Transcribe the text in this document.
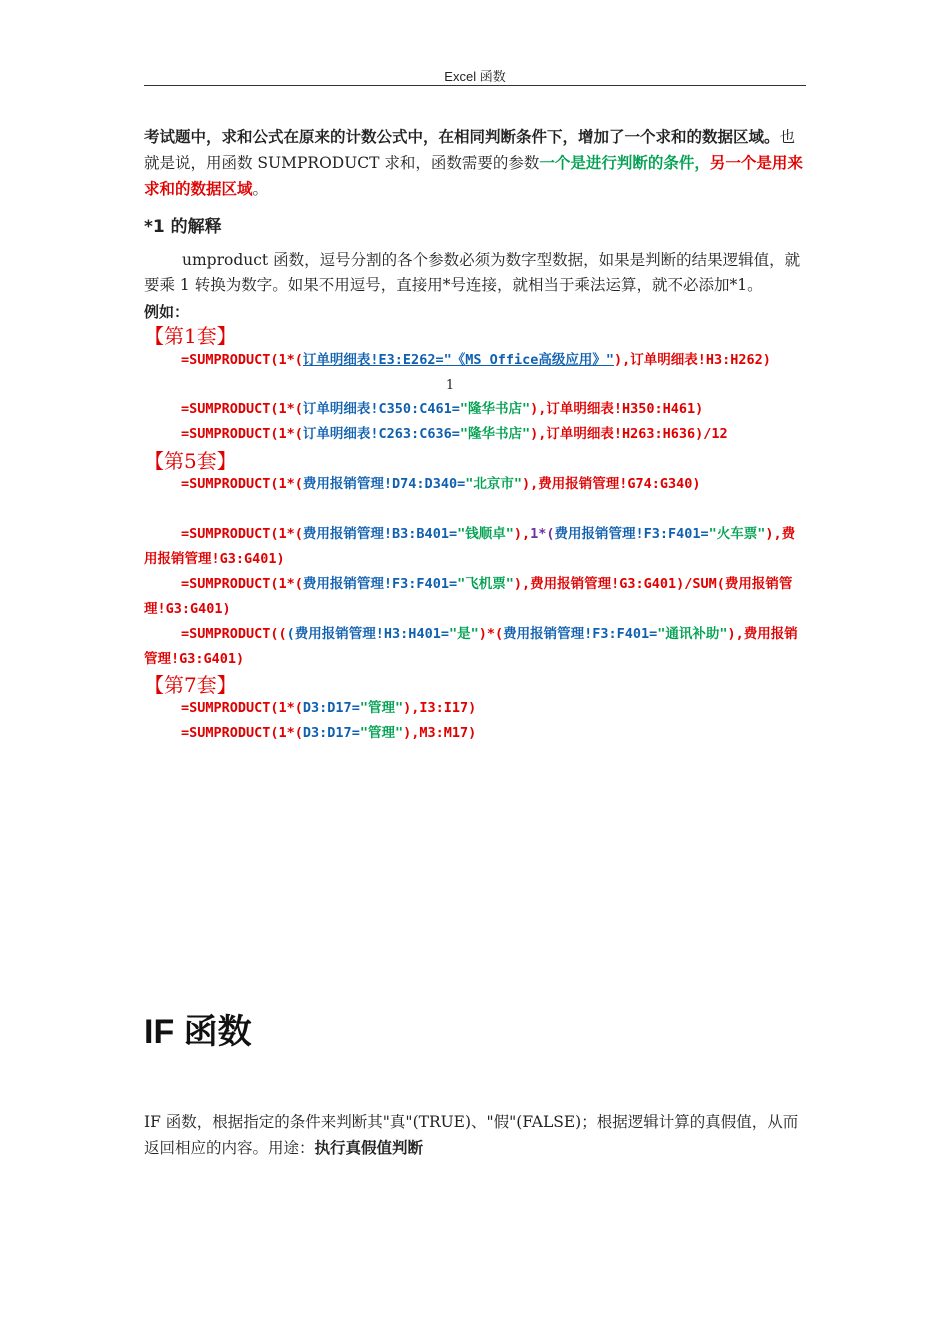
Excel 函数
考试题中，求和公式在原来的计数公式中，在相同判断条件下，增加了一个求和的数据区域。也就是说，用函数 SUMPRODUCT 求和，函数需要的参数一个是进行判断的条件，另一个是用来求和的数据区域。
*1 的解释
umproduct 函数，逗号分割的各个参数必须为数字型数据，如果是判断的结果逻辑值，就要乘 1 转换为数字。如果不用逗号，直接用*号连接，就相当于乘法运算，就不必添加*1。
例如：
【第1套】
=SUMPRODUCT(1*(订单明细表!E3:E262="《MS Office高级应用》"),订单明细表!H3:H262)
1
=SUMPRODUCT(1*(订单明细表!C350:C461="隆华书店"),订单明细表!H350:H461)
=SUMPRODUCT(1*(订单明细表!C263:C636="隆华书店"),订单明细表!H263:H636)/12
【第5套】
=SUMPRODUCT(1*(费用报销管理!D74:D340="北京市"),费用报销管理!G74:G340)
=SUMPRODUCT(1*(费用报销管理!B3:B401="钱顺卓"),1*(费用报销管理!F3:F401="火车票"),费用报销管理!G3:G401)
=SUMPRODUCT(1*(费用报销管理!F3:F401="飞机票"),费用报销管理!G3:G401)/SUM(费用报销管理!G3:G401)
=SUMPRODUCT(((费用报销管理!H3:H401="是")*(费用报销管理!F3:F401="通讯补助"),费用报销管理!G3:G401)
【第7套】
=SUMPRODUCT(1*(D3:D17="管理"),I3:I17)
=SUMPRODUCT(1*(D3:D17="管理"),M3:M17)
IF 函数
IF 函数，根据指定的条件来判断其"真"(TRUE)、"假"(FALSE)；根据逻辑计算的真假值，从而返回相应的内容。用途：执行真假值判断
